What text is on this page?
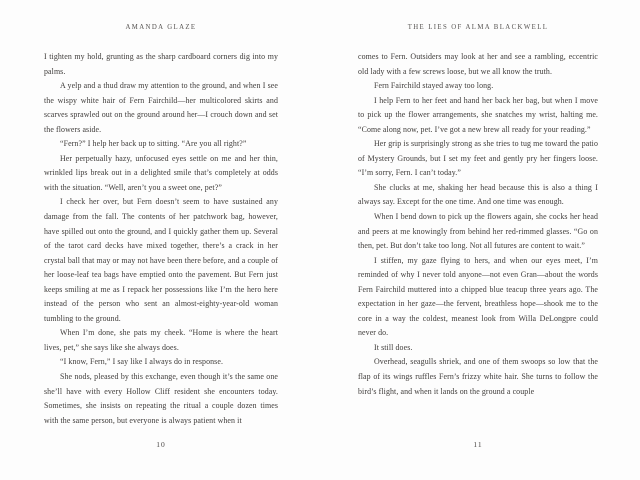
AMANDA GLAZE

I tighten my hold, grunting as the sharp cardboard corners dig into my palms.

A yelp and a thud draw my attention to the ground, and when I see the wispy white hair of Fern Fairchild—her multicolored skirts and scarves sprawled out on the ground around her—I crouch down and set the flowers aside.

“Fern?” I help her back up to sitting. “Are you all right?”

Her perpetually hazy, unfocused eyes settle on me and her thin, wrinkled lips break out in a delighted smile that’s completely at odds with the situation. “Well, aren’t you a sweet one, pet?”

I check her over, but Fern doesn’t seem to have sustained any damage from the fall. The contents of her patchwork bag, however, have spilled out onto the ground, and I quickly gather them up. Several of the tarot card decks have mixed together, there’s a crack in her crystal ball that may or may not have been there before, and a couple of her loose-leaf tea bags have emptied onto the pavement. But Fern just keeps smiling at me as I repack her possessions like I’m the hero here instead of the person who sent an almost-eighty-year-old woman tumbling to the ground.

When I’m done, she pats my cheek. “Home is where the heart lives, pet,” she says like she always does.

“I know, Fern,” I say like I always do in response.

She nods, pleased by this exchange, even though it’s the same one she’ll have with every Hollow Cliff resident she encounters today. Sometimes, she insists on repeating the ritual a couple dozen times with the same person, but everyone is always patient when it

10
THE LIES OF ALMA BLACKWELL

comes to Fern. Outsiders may look at her and see a rambling, eccentric old lady with a few screws loose, but we all know the truth.

Fern Fairchild stayed away too long.

I help Fern to her feet and hand her back her bag, but when I move to pick up the flower arrangements, she snatches my wrist, halting me. “Come along now, pet. I’ve got a new brew all ready for your reading.”

Her grip is surprisingly strong as she tries to tug me toward the patio of Mystery Grounds, but I set my feet and gently pry her fingers loose. “I’m sorry, Fern. I can’t today.”

She clucks at me, shaking her head because this is also a thing I always say. Except for the one time. And one time was enough.

When I bend down to pick up the flowers again, she cocks her head and peers at me knowingly from behind her red-rimmed glasses. “Go on then, pet. But don’t take too long. Not all futures are content to wait.”

I stiffen, my gaze flying to hers, and when our eyes meet, I’m reminded of why I never told anyone—not even Gran—about the words Fern Fairchild muttered into a chipped blue teacup three years ago. The expectation in her gaze—the fervent, breathless hope—shook me to the core in a way the coldest, meanest look from Willa DeLongpre could never do.

It still does.

Overhead, seagulls shriek, and one of them swoops so low that the flap of its wings ruffles Fern’s frizzy white hair. She turns to follow the bird’s flight, and when it lands on the ground a couple

11
